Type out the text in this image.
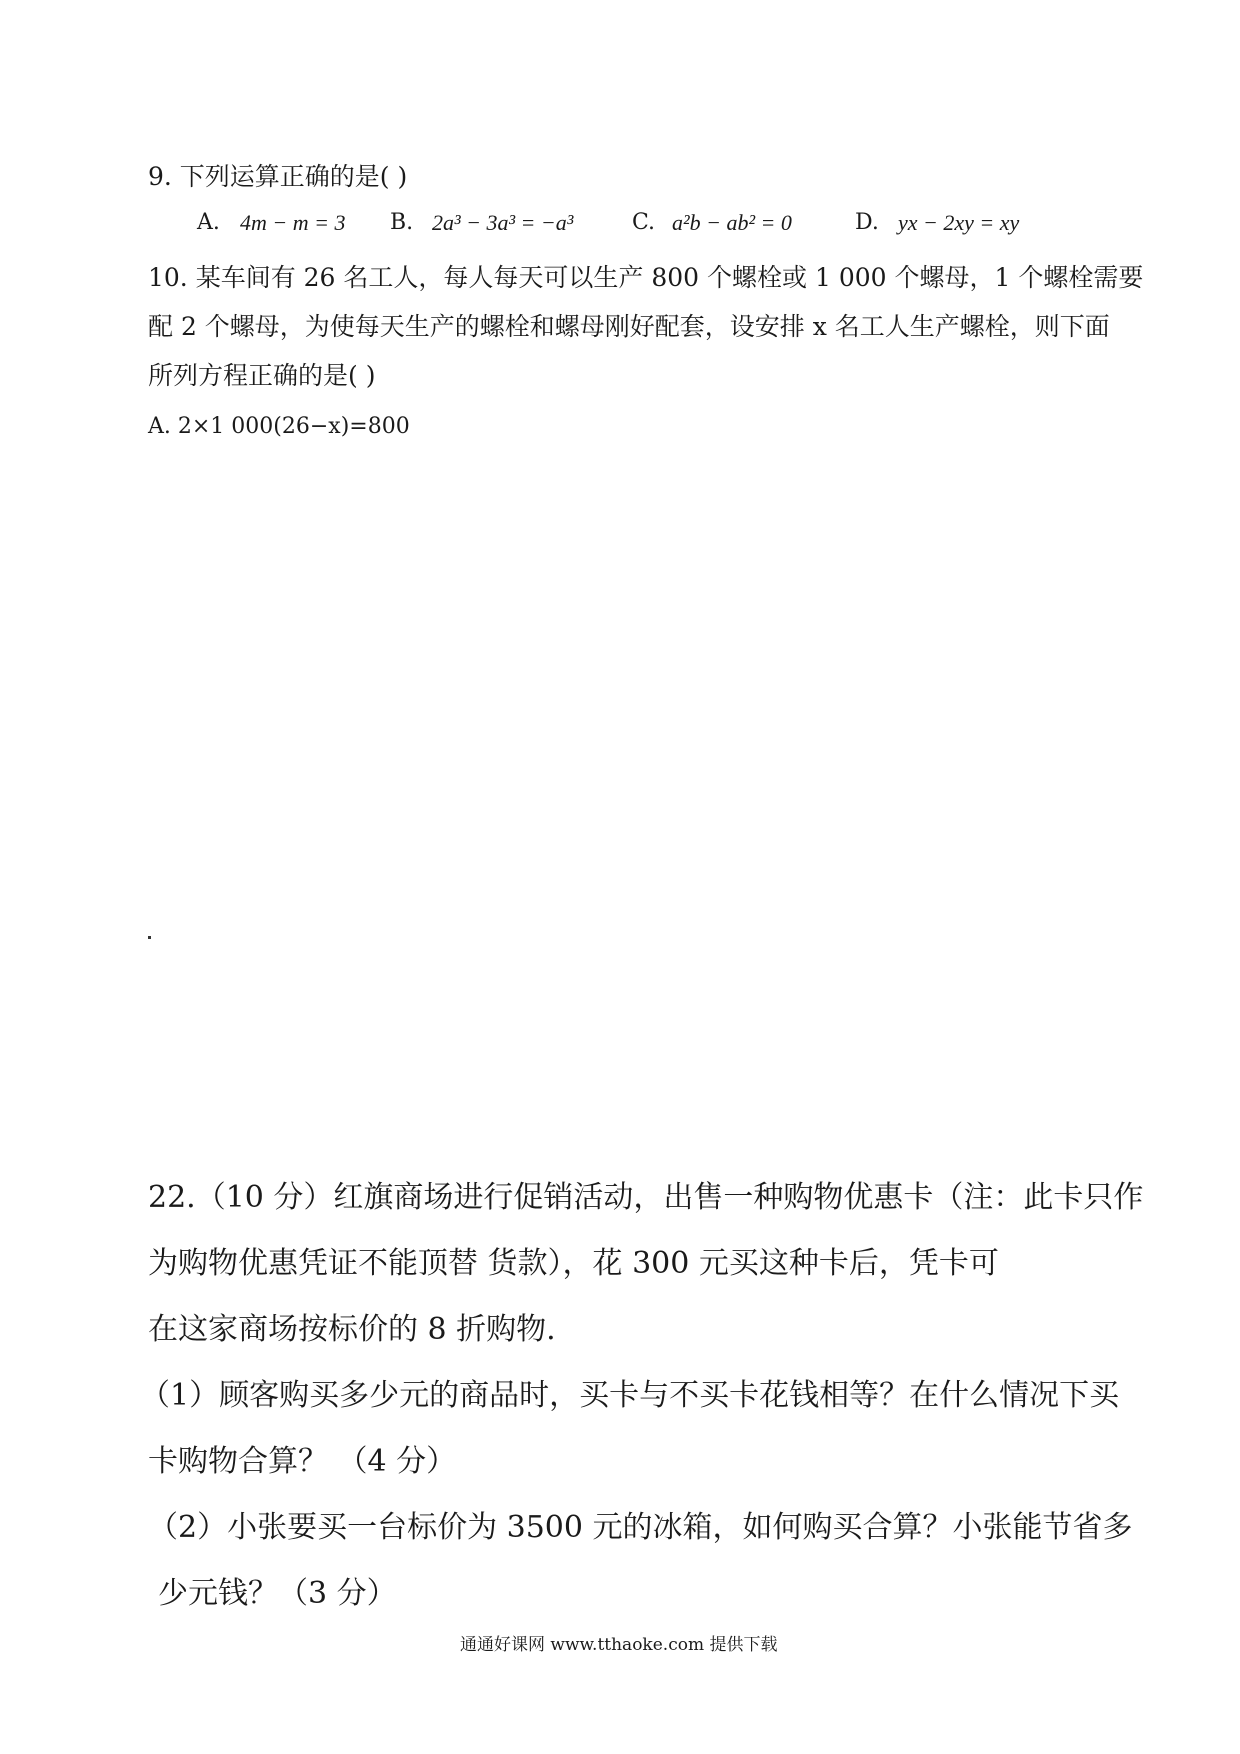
9. 下列运算正确的是( )
A. 4m − m = 3 B. 2a³ − 3a³ = −a³	C. a²b − ab² = 0	D. yx − 2xy = xy
10. 某车间有 26 名工人，每人每天可以生产 800 个螺栓或 1 000 个螺母，1 个螺栓需要
配 2 个螺母，为使每天生产的螺栓和螺母刚好配套，设安排 x 名工人生产螺栓，则下面
所列方程正确的是( )
A. 2×1 000(26−x)=800
22.（10 分）红旗商场进行促销活动，出售一种购物优惠卡（注：此卡只作
为购物优惠凭证不能顶替 货款），花 300 元买这种卡后，凭卡可
在这家商场按标价的 8 折购物.
（1）顾客购买多少元的商品时，买卡与不买卡花钱相等？在什么情况下买
卡购物合算？ （4 分）
（2）小张要买一台标价为 3500 元的冰箱，如何购买合算？小张能节省多
少元钱？（3 分）
通通好课网 www.tthaoke.com 提供下载
